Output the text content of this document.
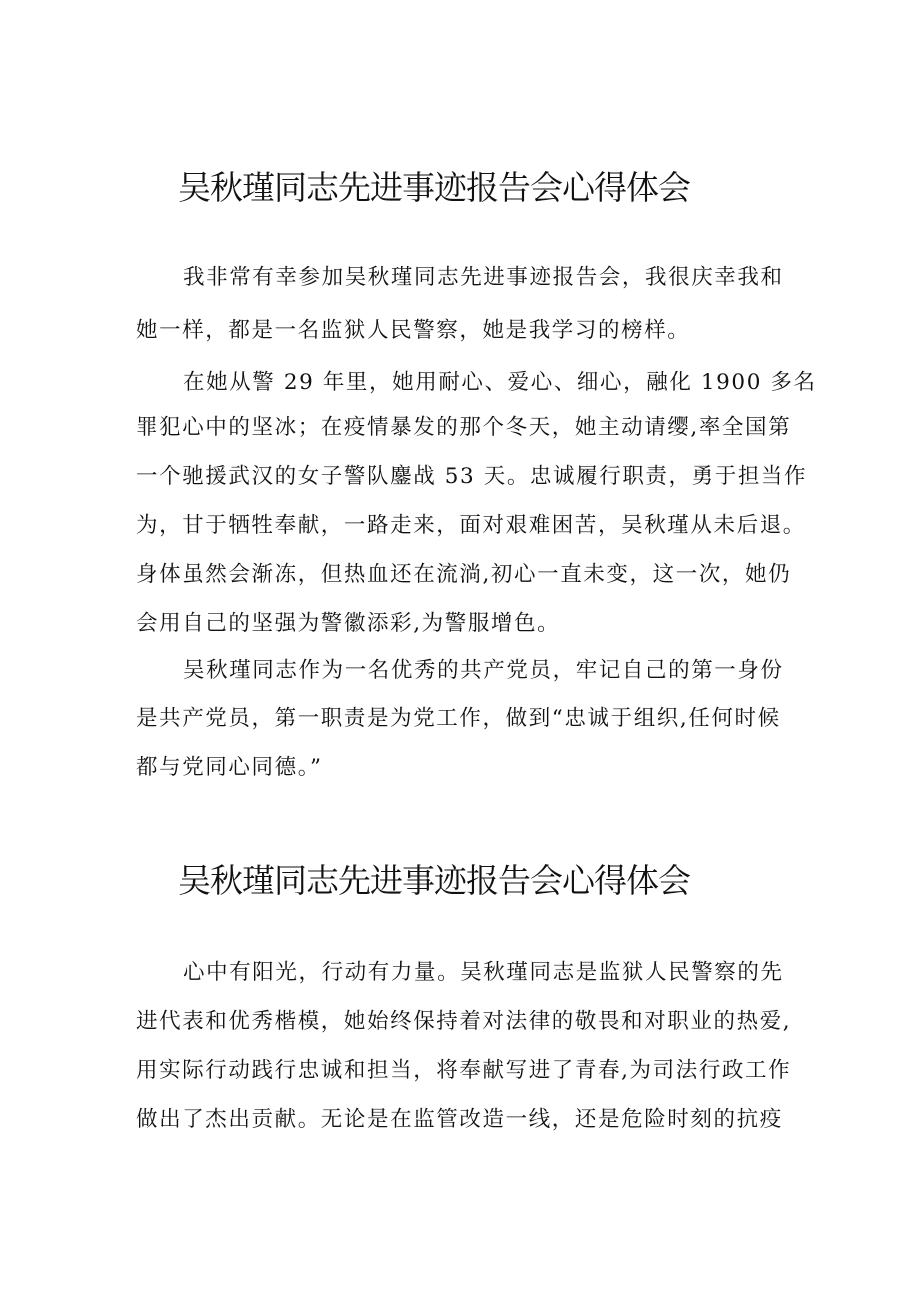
吴秋瑾同志先进事迹报告会心得体会
我非常有幸参加吴秋瑾同志先进事迹报告会，我很庆幸我和
她一样，都是一名监狱人民警察，她是我学习的榜样。
在她从警 29 年里，她用耐心、爱心、细心，融化 1900 多名
罪犯心中的坚冰；在疫情暴发的那个冬天，她主动请缨,率全国第
一个驰援武汉的女子警队鏖战 53 天。忠诚履行职责，勇于担当作
为，甘于牺牲奉献，一路走来，面对艰难困苦，吴秋瑾从未后退。
身体虽然会渐冻，但热血还在流淌,初心一直未变，这一次，她仍
会用自己的坚强为警徽添彩,为警服增色。
吴秋瑾同志作为一名优秀的共产党员，牢记自己的第一身份
是共产党员，第一职责是为党工作，做到“忠诚于组织,任何时候
都与党同心同德。”
吴秋瑾同志先进事迹报告会心得体会
心中有阳光，行动有力量。吴秋瑾同志是监狱人民警察的先
进代表和优秀楷模，她始终保持着对法律的敬畏和对职业的热爱,
用实际行动践行忠诚和担当，将奉献写进了青春,为司法行政工作
做出了杰出贡献。无论是在监管改造一线，还是危险时刻的抗疫
